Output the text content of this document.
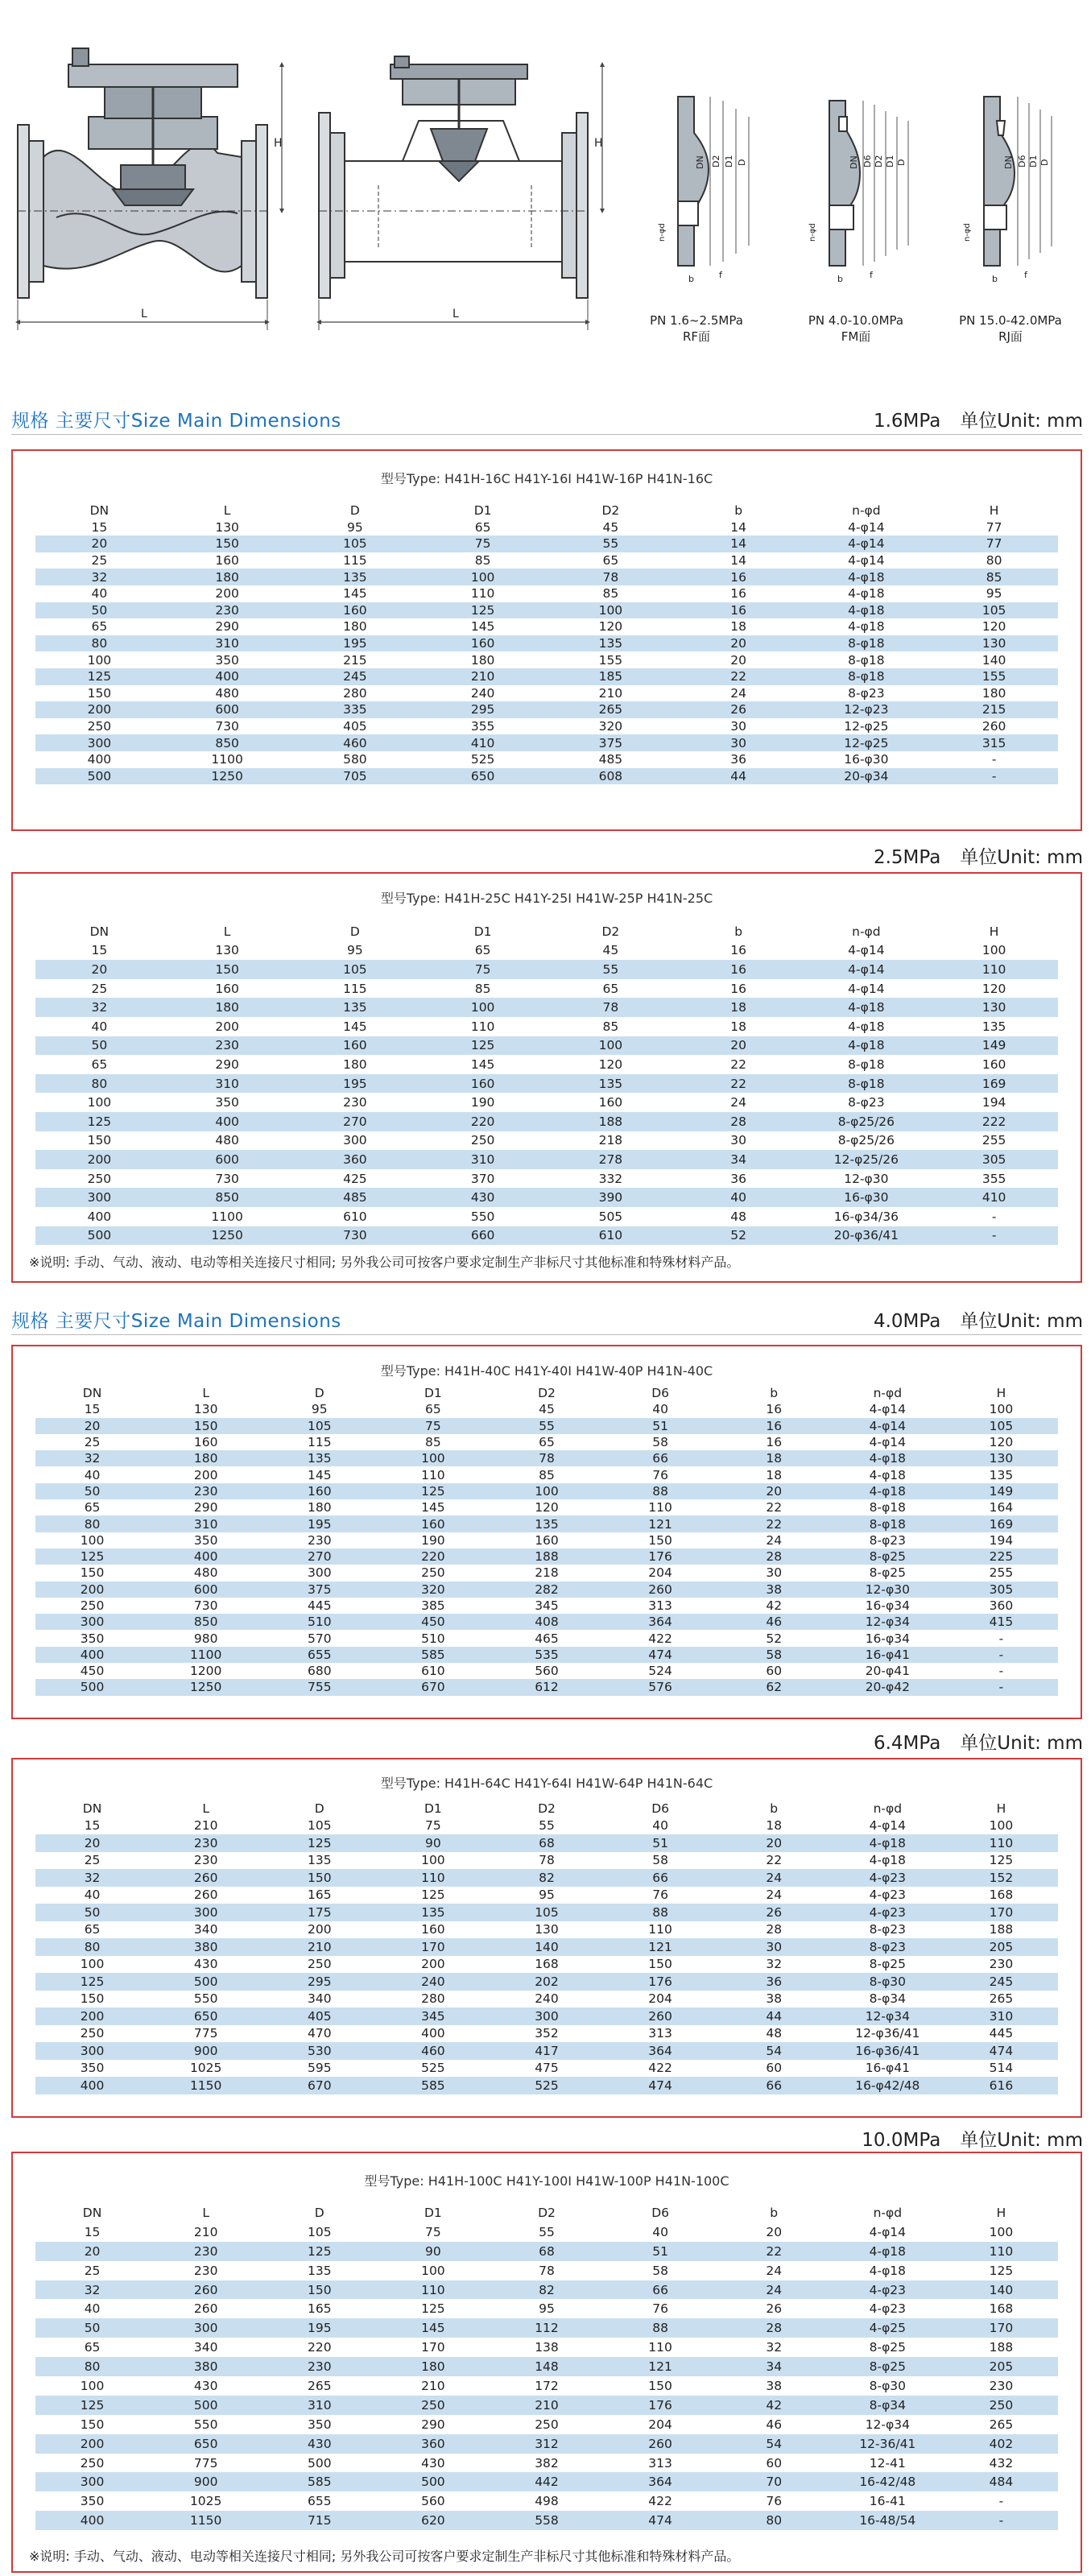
L
H
L
H
DN D2 D1 D
n-φd
b	f
DN D6 D2 D1 D
n-φd
b	f
DN D6 D1 D
n-φd
b	f
PN 1.6~2.5MPa
RF面
PN 4.0-10.0MPa
FM面
PN 15.0-42.0MPa
RJ面
规格 主要尺寸Size Main Dimensions	1.6MPa 单位Unit: mm
型号Type: H41H-16C H41Y-16I H41W-16P H41N-16C
DN	L	D	D1	D2	b	n-φd	H
15	130	95	65	45	14	4-φ14	77
20	150	105	75	55	14	4-φ14	77
25	160	115	85	65	14	4-φ14	80
32	180	135	100	78	16	4-φ18	85
40	200	145	110	85	16	4-φ18	95
50	230	160	125	100	16	4-φ18	105
65	290	180	145	120	18	4-φ18	120
80	310	195	160	135	20	8-φ18	130
100	350	215	180	155	20	8-φ18	140
125	400	245	210	185	22	8-φ18	155
150	480	280	240	210	24	8-φ23	180
200	600	335	295	265	26	12-φ23	215
250	730	405	355	320	30	12-φ25	260
300	850	460	410	375	30	12-φ25	315
400	1100	580	525	485	36	16-φ30	-
500	1250	705	650	608	44	20-φ34	-
2.5MPa 单位Unit: mm
型号Type: H41H-25C H41Y-25I H41W-25P H41N-25C
DN	L	D	D1	D2	b	n-φd	H
15	130	95	65	45	16	4-φ14	100
20	150	105	75	55	16	4-φ14	110
25	160	115	85	65	16	4-φ14	120
32	180	135	100	78	18	4-φ18	130
40	200	145	110	85	18	4-φ18	135
50	230	160	125	100	20	4-φ18	149
65	290	180	145	120	22	8-φ18	160
80	310	195	160	135	22	8-φ18	169
100	350	230	190	160	24	8-φ23	194
125	400	270	220	188	28	8-φ25/26	222
150	480	300	250	218	30	8-φ25/26	255
200	600	360	310	278	34	12-φ25/26	305
250	730	425	370	332	36	12-φ30	355
300	850	485	430	390	40	16-φ30	410
400	1100	610	550	505	48	16-φ34/36	-
500	1250	730	660	610	52	20-φ36/41	-
※说明: 手动、气动、液动、电动等相关连接尺寸相同; 另外我公司可按客户要求定制生产非标尺寸其他标准和特殊材料产品。
规格 主要尺寸Size Main Dimensions	4.0MPa 单位Unit: mm
型号Type: H41H-40C H41Y-40I H41W-40P H41N-40C
DN	L	D	D1	D2	D6	b	n-φd	H
15	130	95	65	45	40	16	4-φ14	100
20	150	105	75	55	51	16	4-φ14	105
25	160	115	85	65	58	16	4-φ14	120
32	180	135	100	78	66	18	4-φ18	130
40	200	145	110	85	76	18	4-φ18	135
50	230	160	125	100	88	20	4-φ18	149
65	290	180	145	120	110	22	8-φ18	164
80	310	195	160	135	121	22	8-φ18	169
100	350	230	190	160	150	24	8-φ23	194
125	400	270	220	188	176	28	8-φ25	225
150	480	300	250	218	204	30	8-φ25	255
200	600	375	320	282	260	38	12-φ30	305
250	730	445	385	345	313	42	16-φ34	360
300	850	510	450	408	364	46	12-φ34	415
350	980	570	510	465	422	52	16-φ34	-
400	1100	655	585	535	474	58	16-φ41	-
450	1200	680	610	560	524	60	20-φ41	-
500	1250	755	670	612	576	62	20-φ42	-
6.4MPa 单位Unit: mm
型号Type: H41H-64C H41Y-64I H41W-64P H41N-64C
DN	L	D	D1	D2	D6	b	n-φd	H
15	210	105	75	55	40	18	4-φ14	100
20	230	125	90	68	51	20	4-φ18	110
25	230	135	100	78	58	22	4-φ18	125
32	260	150	110	82	66	24	4-φ23	152
40	260	165	125	95	76	24	4-φ23	168
50	300	175	135	105	88	26	4-φ23	170
65	340	200	160	130	110	28	8-φ23	188
80	380	210	170	140	121	30	8-φ23	205
100	430	250	200	168	150	32	8-φ25	230
125	500	295	240	202	176	36	8-φ30	245
150	550	340	280	240	204	38	8-φ34	265
200	650	405	345	300	260	44	12-φ34	310
250	775	470	400	352	313	48	12-φ36/41	445
300	900	530	460	417	364	54	16-φ36/41	474
350	1025	595	525	475	422	60	16-φ41	514
400	1150	670	585	525	474	66	16-φ42/48	616
10.0MPa 单位Unit: mm
型号Type: H41H-100C H41Y-100I H41W-100P H41N-100C
DN	L	D	D1	D2	D6	b	n-φd	H
15	210	105	75	55	40	20	4-φ14	100
20	230	125	90	68	51	22	4-φ18	110
25	230	135	100	78	58	24	4-φ18	125
32	260	150	110	82	66	24	4-φ23	140
40	260	165	125	95	76	26	4-φ23	168
50	300	195	145	112	88	28	4-φ25	170
65	340	220	170	138	110	32	8-φ25	188
80	380	230	180	148	121	34	8-φ25	205
100	430	265	210	172	150	38	8-φ30	230
125	500	310	250	210	176	42	8-φ34	250
150	550	350	290	250	204	46	12-φ34	265
200	650	430	360	312	260	54	12-36/41	402
250	775	500	430	382	313	60	12-41	432
300	900	585	500	442	364	70	16-42/48	484
350	1025	655	560	498	422	76	16-41	-
400	1150	715	620	558	474	80	16-48/54	-
※说明: 手动、气动、液动、电动等相关连接尺寸相同; 另外我公司可按客户要求定制生产非标尺寸其他标准和特殊材料产品。
